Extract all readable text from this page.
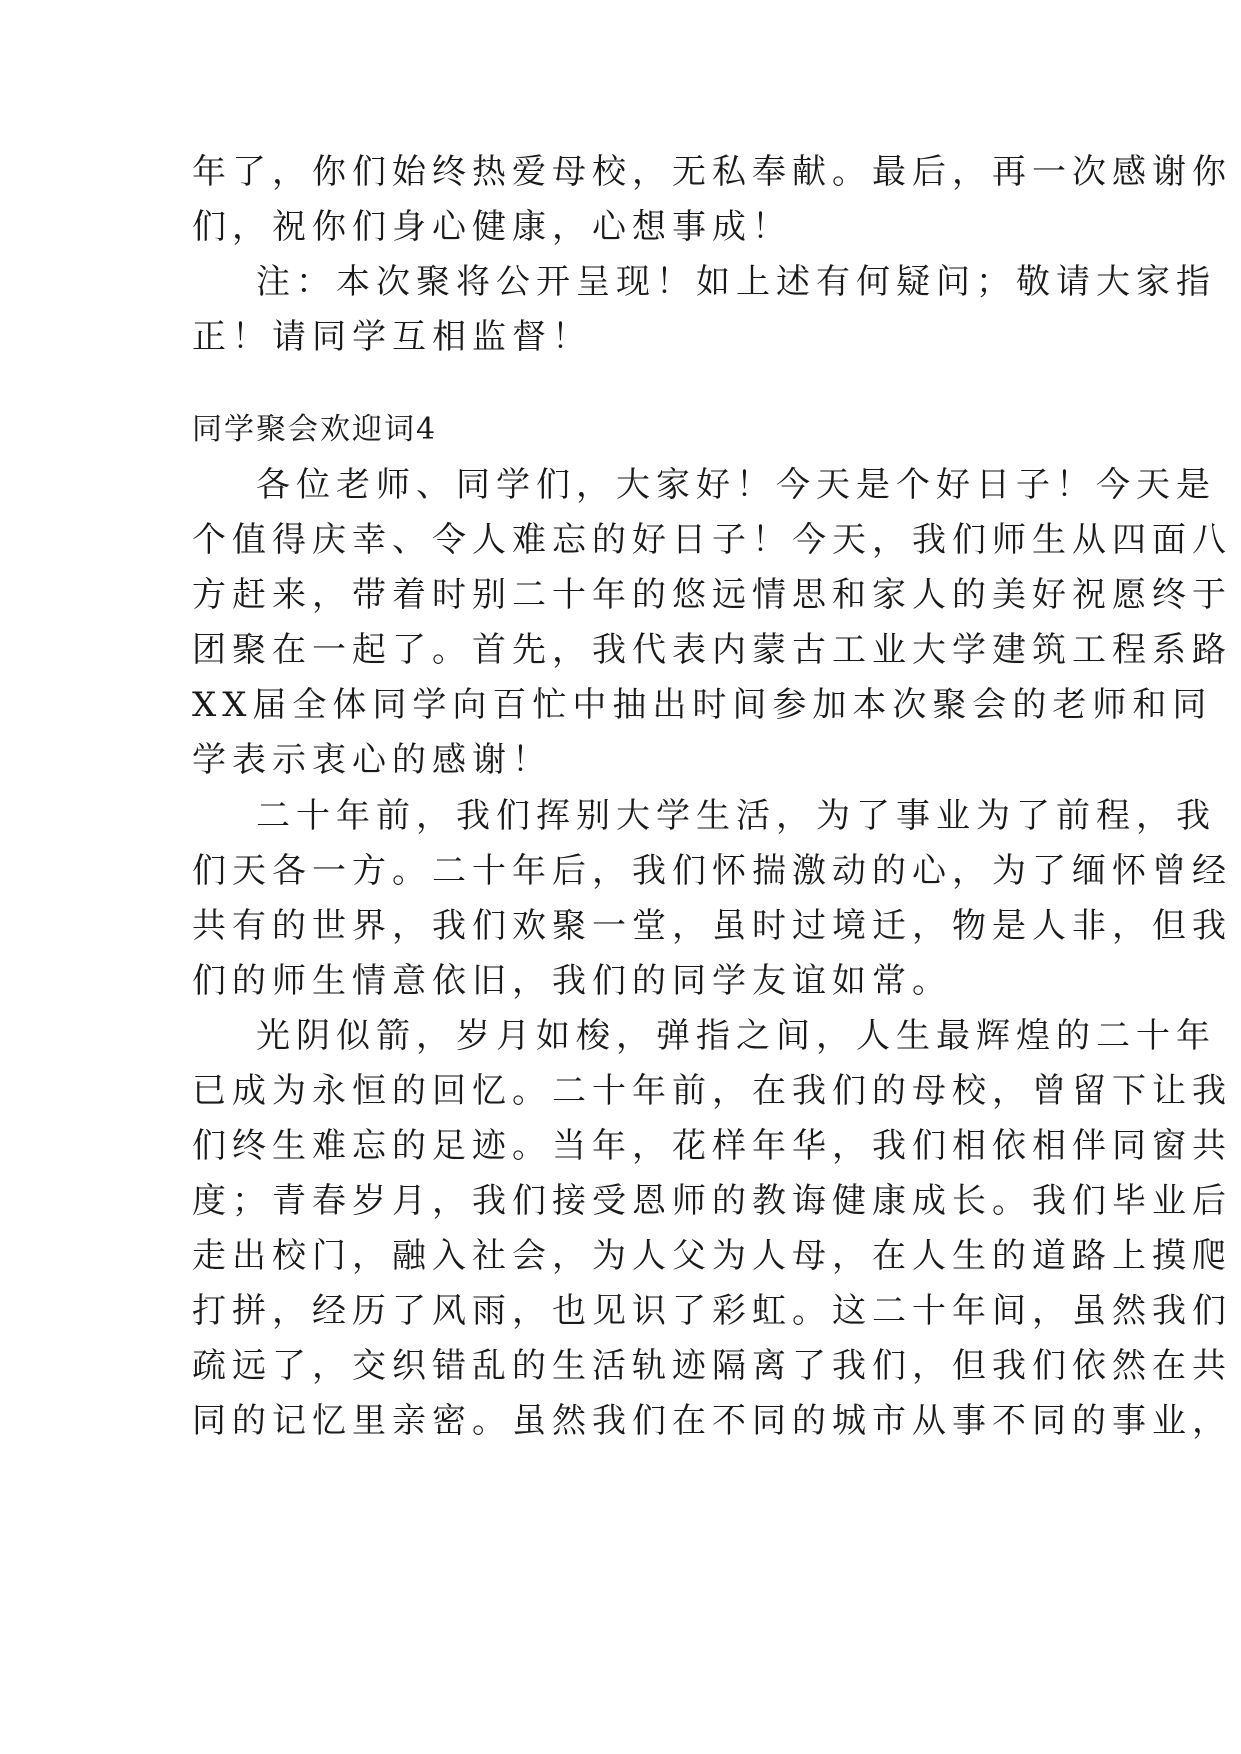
年了，你们始终热爱母校，无私奉献。最后，再一次感谢你
们，祝你们身心健康，心想事成！
注：本次聚将公开呈现！如上述有何疑问；敬请大家指
正！请同学互相监督！
同学聚会欢迎词4
各位老师、同学们，大家好！今天是个好日子！今天是
个值得庆幸、令人难忘的好日子！今天，我们师生从四面八
方赶来，带着时别二十年的悠远情思和家人的美好祝愿终于
团聚在一起了。首先，我代表内蒙古工业大学建筑工程系路
XX届全体同学向百忙中抽出时间参加本次聚会的老师和同
学表示衷心的感谢！
二十年前，我们挥别大学生活，为了事业为了前程，我
们天各一方。二十年后，我们怀揣激动的心，为了缅怀曾经
共有的世界，我们欢聚一堂，虽时过境迁，物是人非，但我
们的师生情意依旧，我们的同学友谊如常。
光阴似箭，岁月如梭，弹指之间，人生最辉煌的二十年
已成为永恒的回忆。二十年前，在我们的母校，曾留下让我
们终生难忘的足迹。当年，花样年华，我们相依相伴同窗共
度；青春岁月，我们接受恩师的教诲健康成长。我们毕业后
走出校门，融入社会，为人父为人母，在人生的道路上摸爬
打拼，经历了风雨，也见识了彩虹。这二十年间，虽然我们
疏远了，交织错乱的生活轨迹隔离了我们，但我们依然在共
同的记忆里亲密。虽然我们在不同的城市从事不同的事业，
